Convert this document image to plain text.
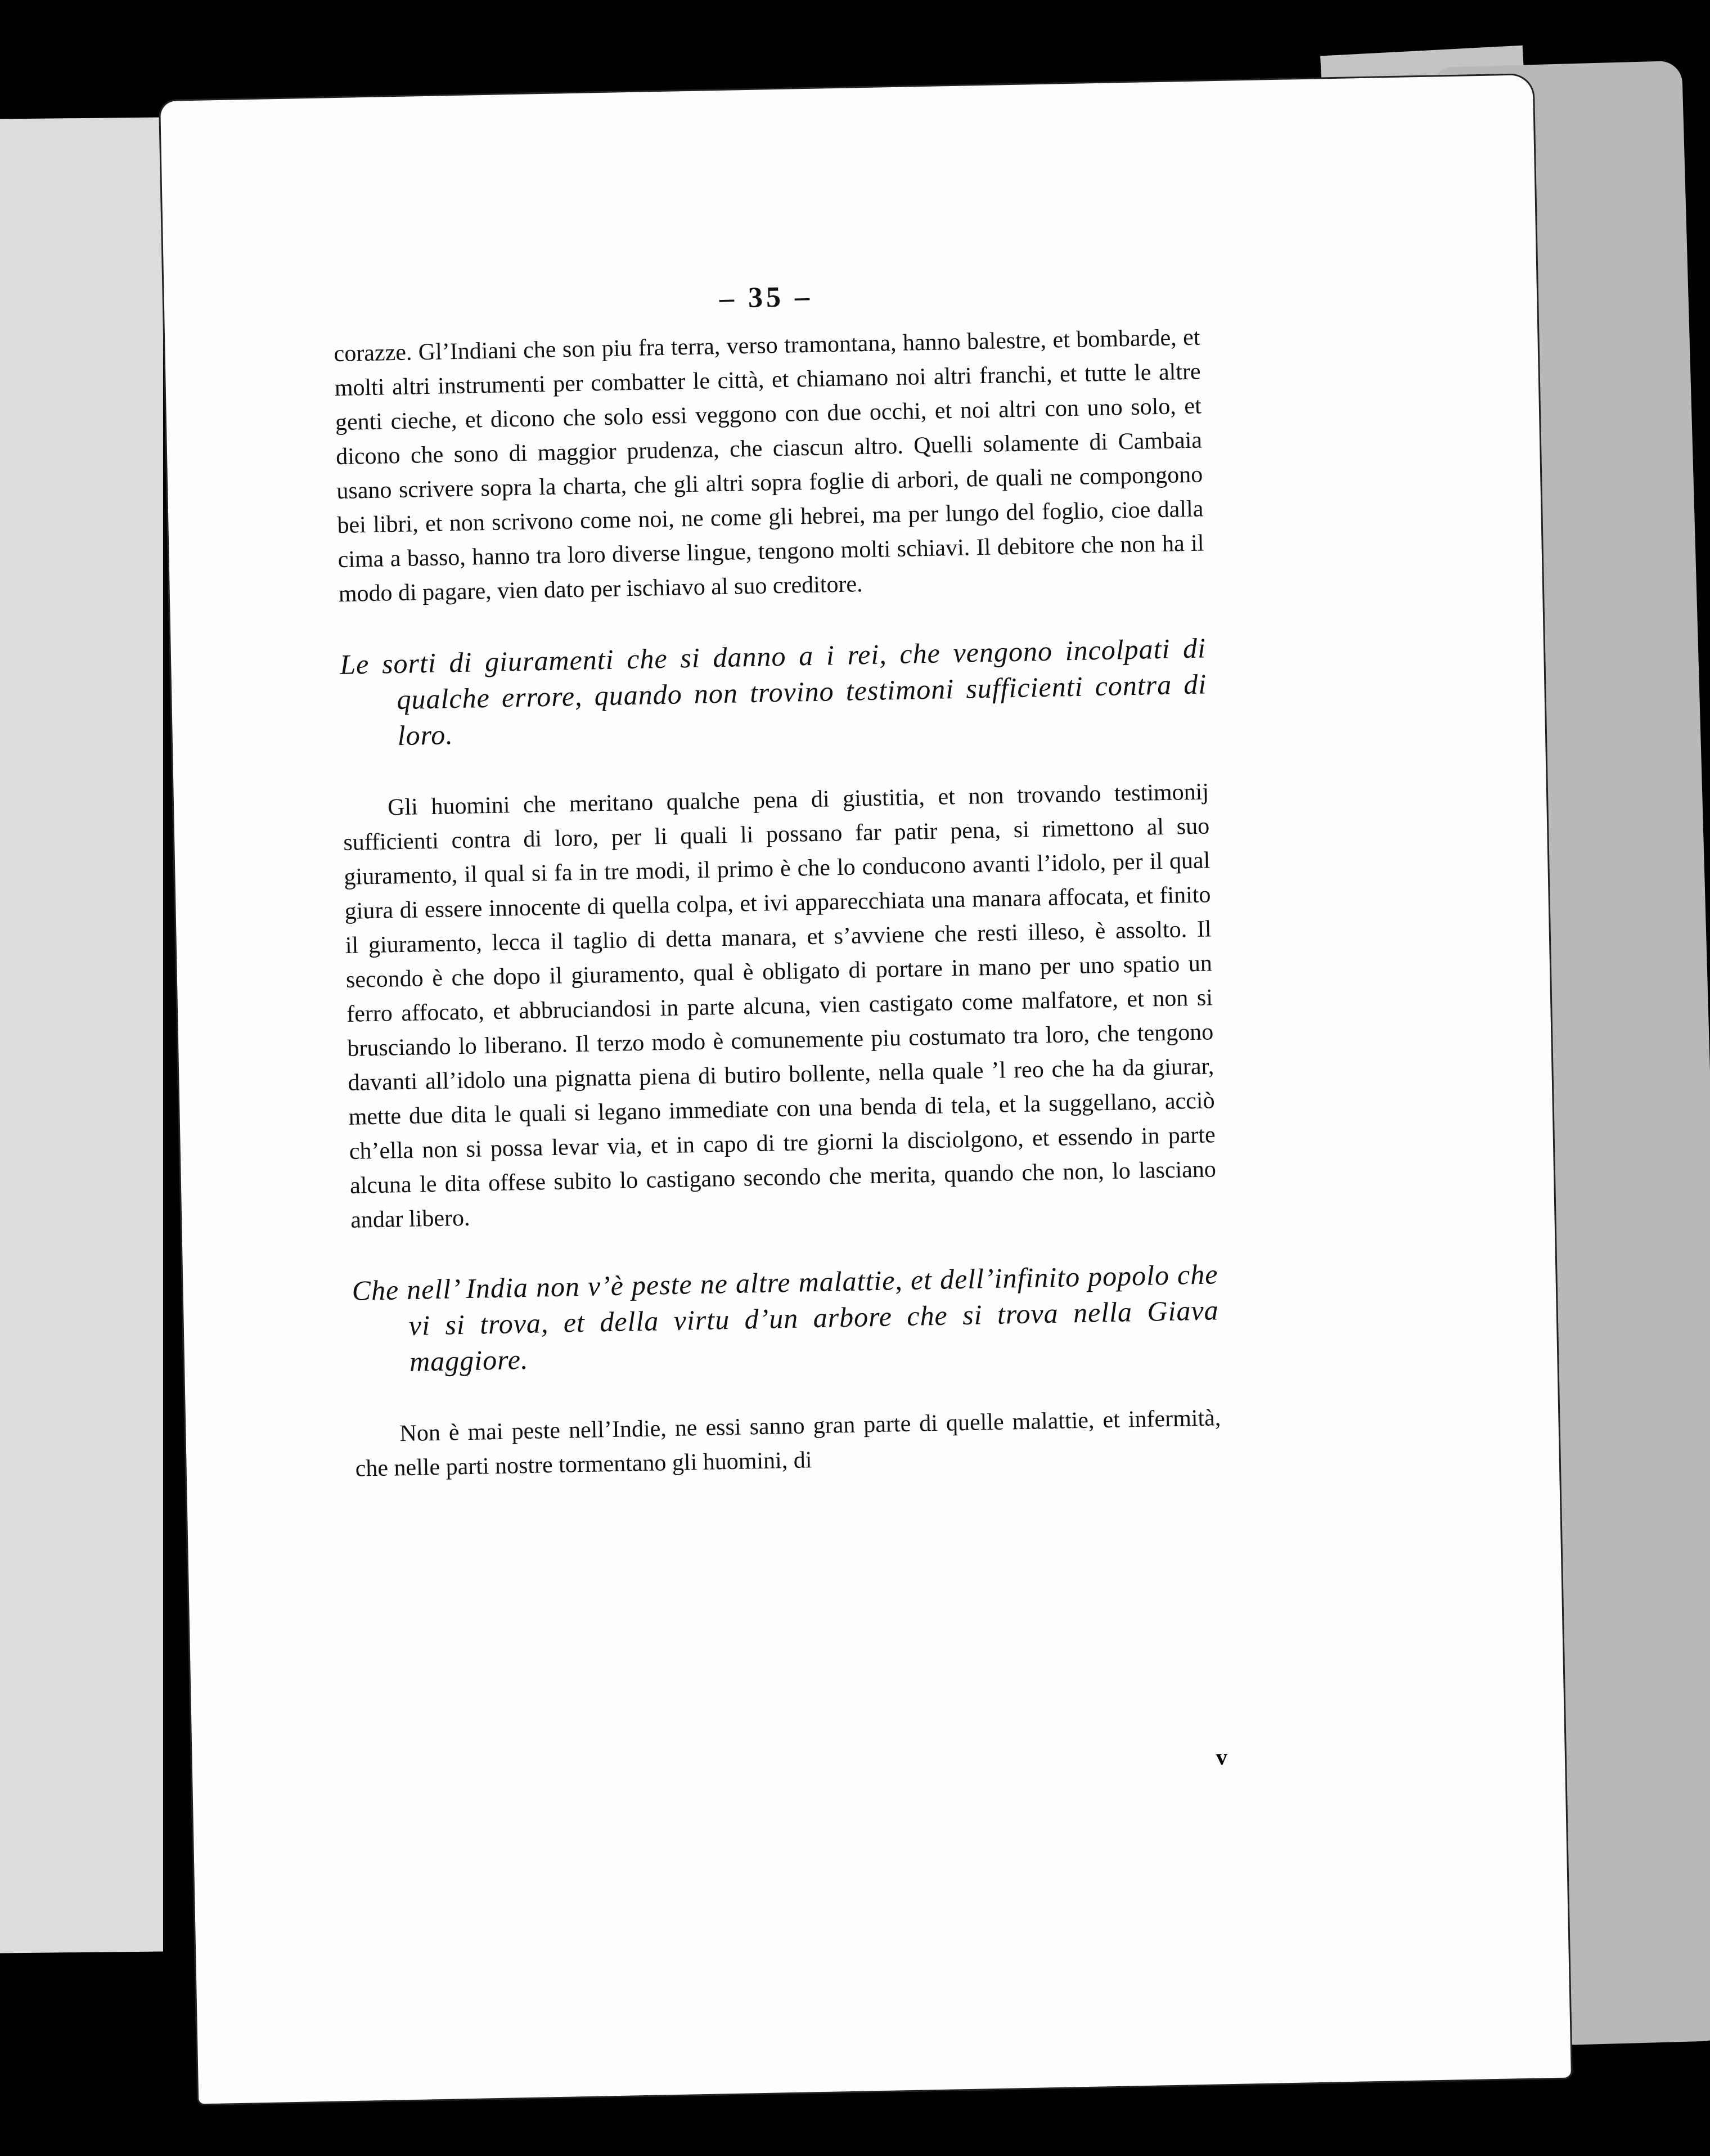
– 35 –

corazze. Gl’Indiani che son piu fra terra, verso tramontana, hanno balestre, et bombarde, et molti altri instrumenti per combatter le città, et chiamano noi altri franchi, et tutte le altre genti cieche, et dicono che solo essi veggono con due occhi, et noi altri con uno solo, et dicono che sono di maggior prudenza, che ciascun altro. Quelli solamente di Cambaia usano scrivere sopra la charta, che gli altri sopra foglie di arbori, de quali ne compongono bei libri, et non scrivono come noi, ne come gli hebrei, ma per lungo del foglio, cioe dalla cima a basso, hanno tra loro diverse lingue, tengono molti schiavi. Il debitore che non ha il modo di pagare, vien dato per ischiavo al suo creditore.

Le sorti di giuramenti che si danno a i rei, che vengono incolpati di qualche errore, quando non trovino testimoni sufficienti contra di loro.

Gli huomini che meritano qualche pena di giustitia, et non trovando testimonij sufficienti contra di loro, per li quali li possano far patir pena, si rimettono al suo giuramento, il qual si fa in tre modi, il primo è che lo conducono avanti l’idolo, per il qual giura di essere innocente di quella colpa, et ivi apparecchiata una manara affocata, et finito il giuramento, lecca il taglio di detta manara, et s’avviene che resti illeso, è assolto. Il secondo è che dopo il giuramento, qual è obligato di portare in mano per uno spatio un ferro affocato, et abbruciandosi in parte alcuna, vien castigato come malfatore, et non si brusciando lo liberano. Il terzo modo è comunemente piu costumato tra loro, che tengono davanti all’idolo una pignatta piena di butiro bollente, nella quale ’l reo che ha da giurar, mette due dita le quali si legano immediate con una benda di tela, et la suggellano, acciò ch’ella non si possa levar via, et in capo di tre giorni la disciolgono, et essendo in parte alcuna le dita offese subito lo castigano secondo che merita, quando che non, lo lasciano andar libero.

Che nell’ India non v’è peste ne altre malattie, et dell’infinito popolo che vi si trova, et della virtu d’un arbore che si trova nella Giava maggiore.

Non è mai peste nell’Indie, ne essi sanno gran parte di quelle malattie, et infermità, che nelle parti nostre tormentano gli huomini, di

v
